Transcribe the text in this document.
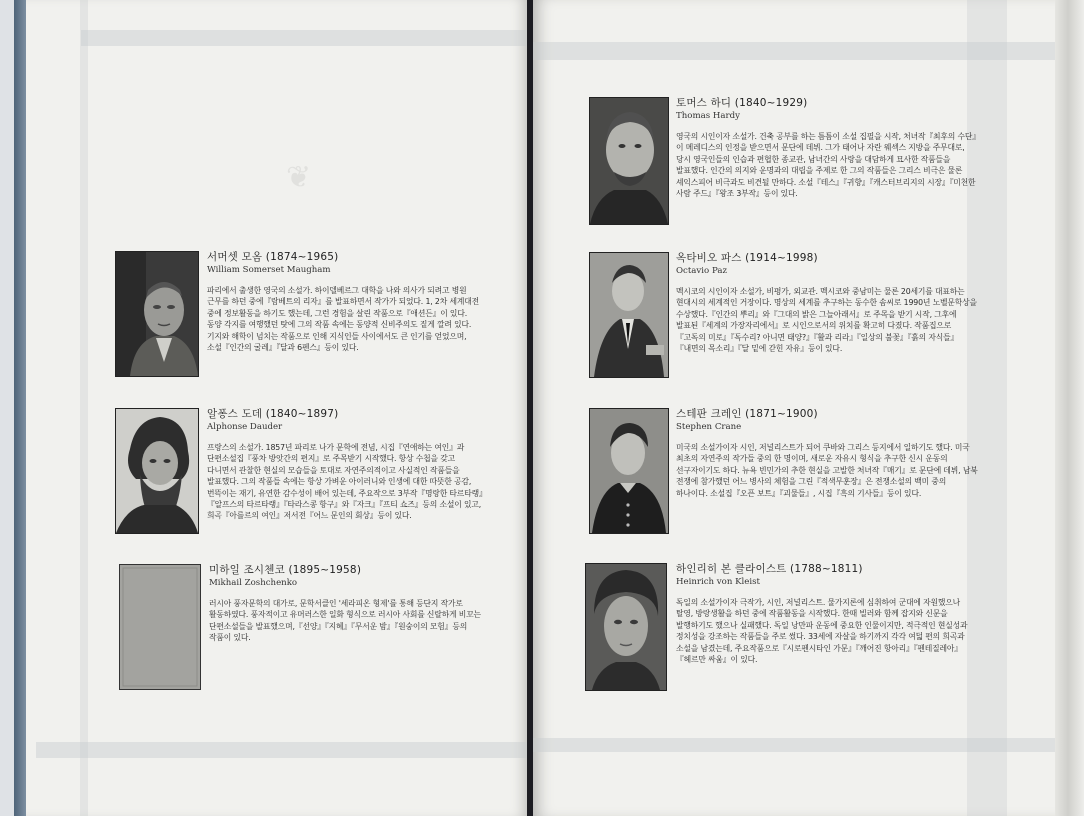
❦
서머셋 모옴 (1874~1965)
William Somerset Maugham
파리에서 출생한 영국의 소설가. 하이델베르그 대학을 나와 의사가 되려고 병원 근무를 하던 중에『람베트의 리자』를 발표하면서 작가가 되었다. 1, 2차 세계대전 중에 정보활동을 하기도 했는데, 그런 경험을 살린 작품으로『애션든』이 있다. 동양 각지를 여행했던 탓에 그의 작품 속에는 동양적 신비주의도 짙게 깔려 있다. 기지와 해학이 넘치는 작품으로 인해 지식인들 사이에서도 큰 인기를 얻었으며, 소설『인간의 굴레』『달과 6펜스』등이 있다.
알퐁스 도데 (1840~1897)
Alphonse Dauder
프랑스의 소설가. 1857년 파리로 나가 문학에 전념, 시집『연애하는 여인』과 단편소설집『풍차 방앗간의 편지』로 주목받기 시작했다. 항상 수첩을 갖고 다니면서 관찰한 현실의 모습들을 토대로 자연주의적이고 사실적인 작품들을 발표했다. 그의 작품들 속에는 항상 가벼운 아이러니와 인생에 대한 따뜻한 공감, 번뜩이는 재기, 유연한 감수성이 배어 있는데, 주요작으로 3부작『명랑한 타르타랭』『알프스의 타르타랭』『타라스콩 항구』와『자크』『프티 쇼즈』등의 소설이 있고, 희곡『아를르의 여인』저서전『어느 문인의 회상』등이 있다.
미하일 조시첸코 (1895~1958)
Mikhail Zoshchenko
러시아 풍자문학의 대가로, 문학서클인 '세라피온 형제'를 통해 등단지 작가로 활동하였다. 풍자적이고 유머러스한 일화 형식으로 러시아 사회를 신랄하게 비꼬는 단편소설들을 발표했으며,『선양』『지혜』『무서운 밤』『원숭이의 모험』등의 작품이 있다.
토머스 하디 (1840~1929)
Thomas Hardy
영국의 시인이자 소설가. 건축 공부를 하는 틈틈이 소설 집필을 시작, 처녀작『최후의 수단』이 메레디스의 인정을 받으면서 문단에 데뷔. 그가 태어나 자란 웨섹스 지방을 주무대로, 당시 영국인들의 인습과 편협한 종교관, 남녀간의 사랑을 대담하게 묘사한 작품들을 발표했다. 인간의 의지와 운명과의 대립을 주제로 한 그의 작품들은 그리스 비극은 물론 셰익스피어 비극과도 비견될 만하다. 소설『테스』『귀향』『캐스터브리지의 시장』『미천한 사람 주드』『왕조 3부작』등이 있다.
옥타비오 파스 (1914~1998)
Octavio Paz
멕시코의 시인이자 소설가, 비평가, 외교관. 멕시코와 중남미는 물론 20세기를 대표하는 현대시의 세계적인 거장이다. 명상의 세계를 추구하는 동수한 솜씨로 1990년 노벨문학상을 수상했다.『인간의 뿌리』와『그대의 밝은 그늘아래서』로 주목을 받기 시작, 그후에 발표된『세계의 가장자리에서』로 시인으로서의 위치를 확고히 다졌다. 작품집으로『고독의 미로』『독수리? 아니면 태양?』『활과 리라』『일상의 불꽃』『흙의 자식들』『내면의 목소리』『달 밑에 갇힌 자유』등이 있다.
스테판 크레인 (1871~1900)
Stephen Crane
미국의 소설가이자 시인, 저널리스트가 되어 쿠바와 그리스 등지에서 일하기도 했다. 미국 최초의 자연주의 작가들 중의 한 명이며, 새로운 자유시 형식을 추구한 신시 운동의 선구자이기도 하다. 뉴욕 빈민가의 추한 현실을 고발한 처녀작『매기』로 문단에 데뷔, 남북 전쟁에 참가했던 어느 병사의 체험을 그린『적색무훈장』은 전쟁소설의 백미 중의 하나이다. 소설집『오픈 보트』『괴물들』, 시집『흑의 기사들』등이 있다.
하인리히 본 클라이스트 (1788~1811)
Heinrich von Kleist
독일의 소설가이자 극작가, 시인, 저널리스트. 물가지론에 심취하여 군대에 자원했으나 탈영, 방랑생활을 하던 중에 작품활동을 시작했다. 한때 빌러와 함께 잡지와 신문을 발행하기도 했으나 실패했다. 독일 낭만파 운동에 중요한 인물이지만, 적극적인 현실성과 정치성을 강조하는 작품들을 주로 썼다. 33세에 자살을 하기까지 각각 여덟 편의 희곡과 소설을 남겼는데, 주요작품으로『시로펜시타인 가문』『깨어진 항아리』『펜테질레아』『헤르만 싸움』이 있다.
